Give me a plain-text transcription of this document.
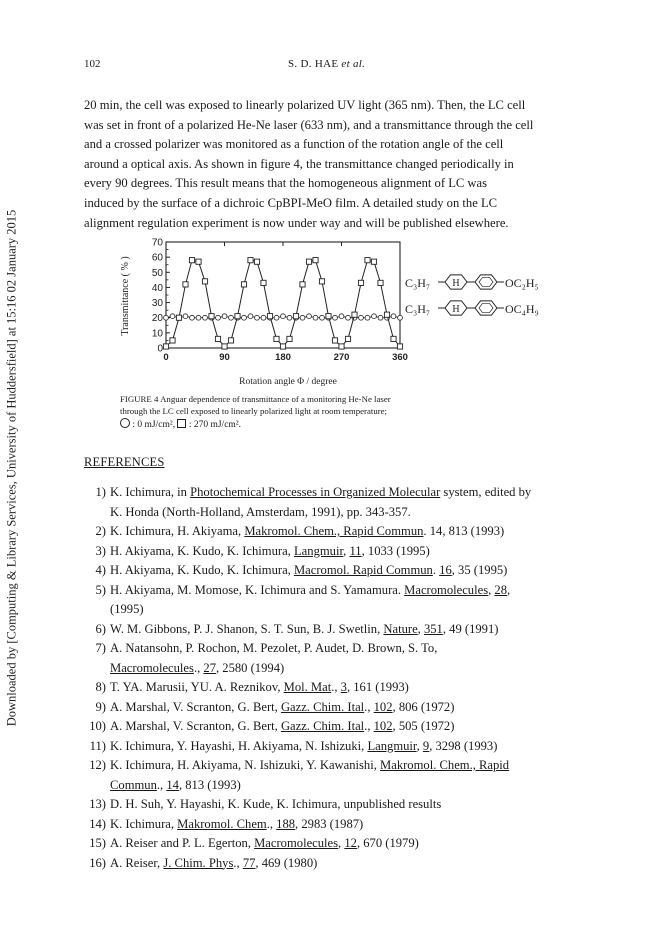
Downloaded by [Computing & Library Services, University of Huddersfield] at 15:16 02 January 2015
102	S. D. HAE et al.

20 min, the cell was exposed to linearly polarized UV light (365 nm). Then, the LC cell

was set in front of a polarized He-Ne laser (633 nm), and a transmittance through the cell

and a crossed polarizer was monitored as a function of the rotation angle of the cell

around a optical axis. As shown in figure 4, the transmittance changed periodically in

every 90 degrees. This result means that the homogeneous alignment of LC was

induced by the surface of a dichroic CpBPI-MeO film. A detailed study on the LC

alignment regulation experiment is now under way and will be published elsewhere.

0
10
20
30
40
50
60
70
0	90	180	270	360
Transmittance ( % )
Rotation angle Φ / degree
C₃H₇ H	OC₂H₅
C₃H₇ H	OC₄H₉

FIGURE 4 Anguar dependence of transmittance of a monitoring He-Ne laser

through the LC cell exposed to linearly polarized light at room temperature;

: 0 mJ/cm², : 270 mJ/cm².

REFERENCES
1) K. Ichimura, in Photochemical Processes in Organized Molecular system, edited by
K. Honda (North-Holland, Amsterdam, 1991), pp. 343-357.
2) K. Ichimura, H. Akiyama, Makromol. Chem., Rapid Commun. 14, 813 (1993)
3) H. Akiyama, K. Kudo, K. Ichimura, Langmuir, 11, 1033 (1995)
4) H. Akiyama, K. Kudo, K. Ichimura, Macromol. Rapid Commun. 16, 35 (1995)
5) H. Akiyama, M. Momose, K. Ichimura and S. Yamamura. Macromolecules, 28,
(1995)
6) W. M. Gibbons, P. J. Shanon, S. T. Sun, B. J. Swetlin, Nature, 351, 49 (1991)
7) A. Natansohn, P. Rochon, M. Pezolet, P. Audet, D. Brown, S. To,
Macromolecules., 27, 2580 (1994)
8) T. YA. Marusii, YU. A. Reznikov, Mol. Mat., 3, 161 (1993)
9) A. Marshal, V. Scranton, G. Bert, Gazz. Chim. Ital., 102, 806 (1972)
10) A. Marshal, V. Scranton, G. Bert, Gazz. Chim. Ital., 102, 505 (1972)
11) K. Ichimura, Y. Hayashi, H. Akiyama, N. Ishizuki, Langmuir, 9, 3298 (1993)
12) K. Ichimura, H. Akiyama, N. Ishizuki, Y. Kawanishi, Makromol. Chem., Rapid
Commun., 14, 813 (1993)
13) D. H. Suh, Y. Hayashi, K. Kude, K. Ichimura, unpublished results
14) K. Ichimura, Makromol. Chem., 188, 2983 (1987)
15) A. Reiser and P. L. Egerton, Macromolecules, 12, 670 (1979)
16) A. Reiser, J. Chim. Phys., 77, 469 (1980)
